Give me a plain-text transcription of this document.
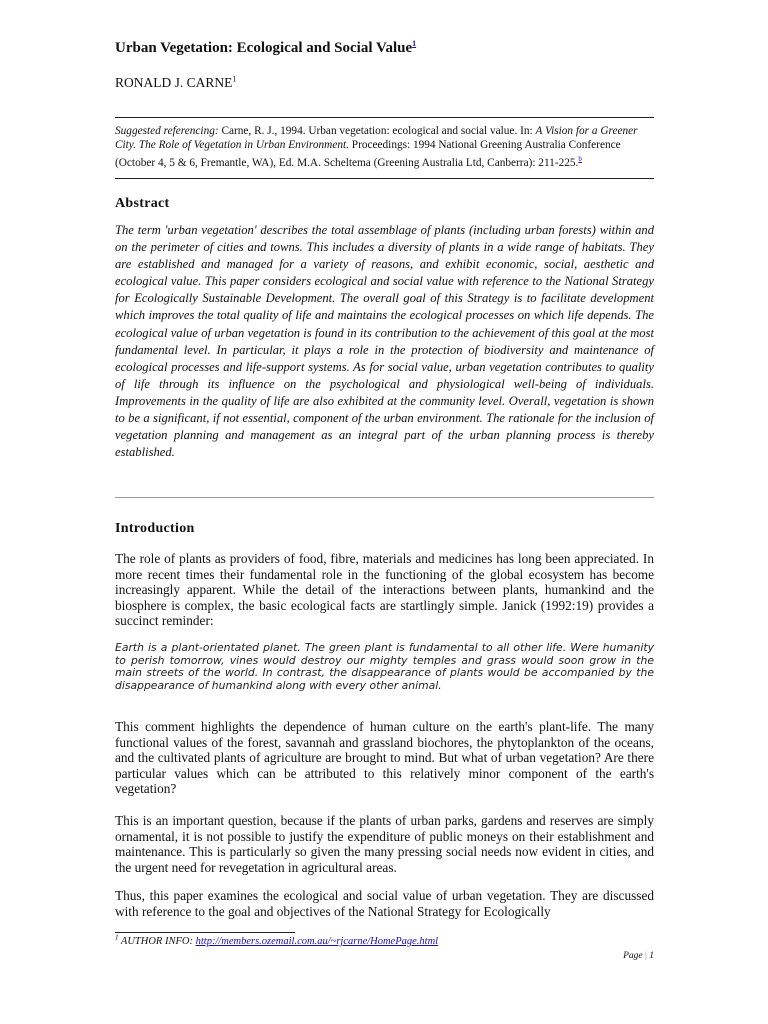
Urban Vegetation: Ecological and Social Value$^1$
RONALD J. CARNE$^1$
Suggested referencing: Carne, R. J., 1994. Urban vegetation: ecological and social value. In: A Vision for a Greener City. The Role of Vegetation in Urban Environment. Proceedings: 1994 National Greening Australia Conference (October 4, 5 & 6, Fremantle, WA), Ed. M.A. Scheltema (Greening Australia Ltd, Canberra): 211-225.$^b$
Abstract
The term 'urban vegetation' describes the total assemblage of plants (including urban forests) within and on the perimeter of cities and towns. This includes a diversity of plants in a wide range of habitats. They are established and managed for a variety of reasons, and exhibit economic, social, aesthetic and ecological value. This paper considers ecological and social value with reference to the National Strategy for Ecologically Sustainable Development. The overall goal of this Strategy is to facilitate development which improves the total quality of life and maintains the ecological processes on which life depends. The ecological value of urban vegetation is found in its contribution to the achievement of this goal at the most fundamental level. In particular, it plays a role in the protection of biodiversity and maintenance of ecological processes and life-support systems. As for social value, urban vegetation contributes to quality of life through its influence on the psychological and physiological well-being of individuals. Improvements in the quality of life are also exhibited at the community level. Overall, vegetation is shown to be a significant, if not essential, component of the urban environment. The rationale for the inclusion of vegetation planning and management as an integral part of the urban planning process is thereby established.
Introduction
The role of plants as providers of food, fibre, materials and medicines has long been appreciated. In more recent times their fundamental role in the functioning of the global ecosystem has become increasingly apparent. While the detail of the interactions between plants, humankind and the biosphere is complex, the basic ecological facts are startlingly simple. Janick (1992:19) provides a succinct reminder:
Earth is a plant-orientated planet. The green plant is fundamental to all other life. Were humanity to perish tomorrow, vines would destroy our mighty temples and grass would soon grow in the main streets of the world. In contrast, the disappearance of plants would be accompanied by the disappearance of humankind along with every other animal.
This comment highlights the dependence of human culture on the earth's plant-life. The many functional values of the forest, savannah and grassland biochores, the phytoplankton of the oceans, and the cultivated plants of agriculture are brought to mind. But what of urban vegetation? Are there particular values which can be attributed to this relatively minor component of the earth's vegetation?
This is an important question, because if the plants of urban parks, gardens and reserves are simply ornamental, it is not possible to justify the expenditure of public moneys on their establishment and maintenance. This is particularly so given the many pressing social needs now evident in cities, and the urgent need for revegetation in agricultural areas.
Thus, this paper examines the ecological and social value of urban vegetation. They are discussed with reference to the goal and objectives of the National Strategy for Ecologically
$^1$ AUTHOR INFO: http://members.ozemail.com.au/~rjcarne/HomePage.html
Page | 1
